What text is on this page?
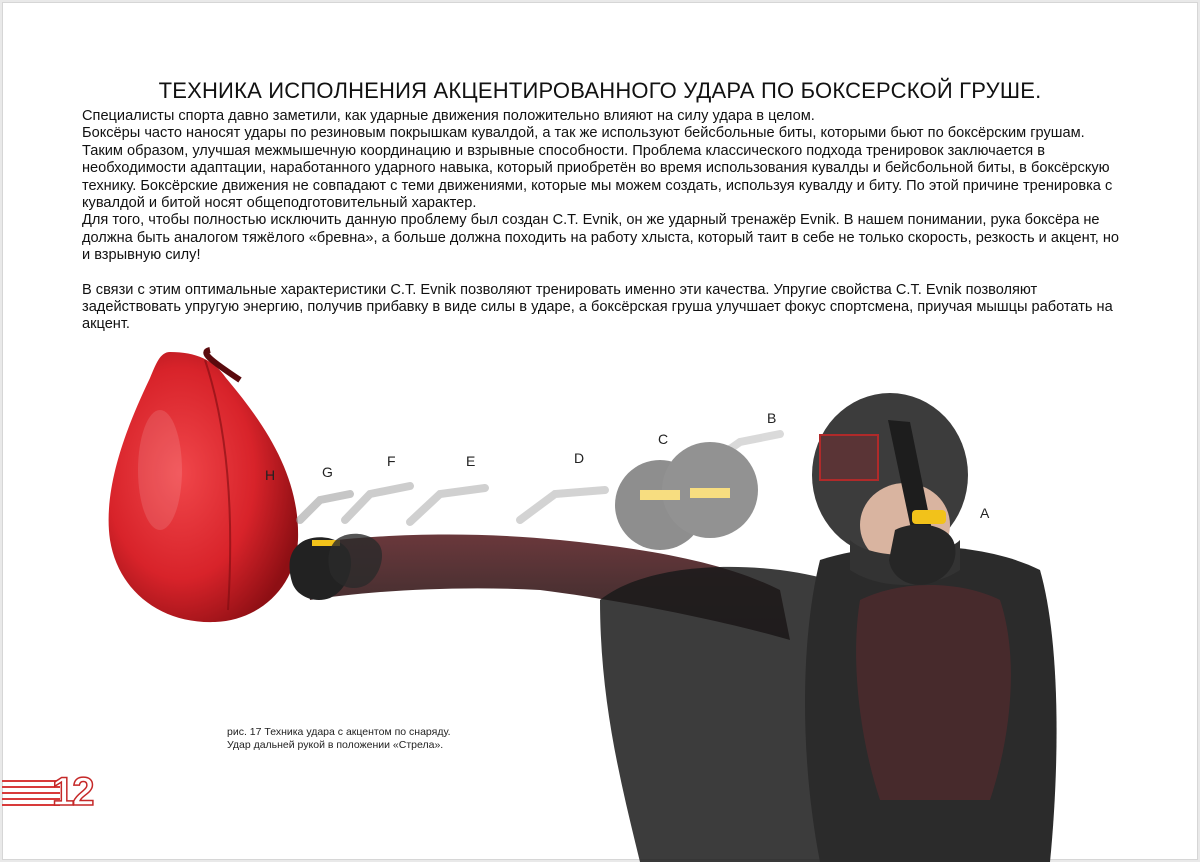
ТЕХНИКА ИСПОЛНЕНИЯ АКЦЕНТИРОВАННОГО УДАРА ПО БОКСЕРСКОЙ ГРУШЕ.

Специалисты спорта давно заметили, как ударные движения положительно влияют на силу удара в целом.

Боксёры часто наносят удары по резиновым покрышкам кувалдой, а так же используют бейсбольные биты, которыми бьют по боксёрским грушам. Таким образом, улучшая межмышечную координацию и взрывные способности. Проблема классического подхода тренировок заключается в необходимости адаптации, наработанного ударного навыка, который приобретён во время использования кувалды и бейсбольной биты, в боксёрскую технику. Боксёрские движения не совпадают с теми движениями, которые мы можем создать, используя кувалду и биту. По этой причине тренировка с кувалдой и битой носят общеподготовительный характер.

Для того, чтобы полностью исключить данную проблему был создан С.Т. Evnik, он же ударный тренажёр Evnik. В нашем понимании, рука боксёра не должна быть аналогом тяжёлого «бревна», а больше должна походить на работу хлыста, который таит в себе не только скорость, резкость и акцент, но и взрывную силу!

В связи с этим оптимальные характеристики С.Т. Evnik позволяют тренировать именно эти качества. Упругие свойства С.Т. Evnik позволяют задействовать упругую энергию, получив прибавку в виде силы в ударе, а боксёрская груша улучшает фокус спортсмена, приучая мышцы работать на акцент.

A
B
C
D
E
F
G
H
рис. 17 Техника удара с акцентом по снаряду.
Удар дальней рукой в положении «Стрела».
12
